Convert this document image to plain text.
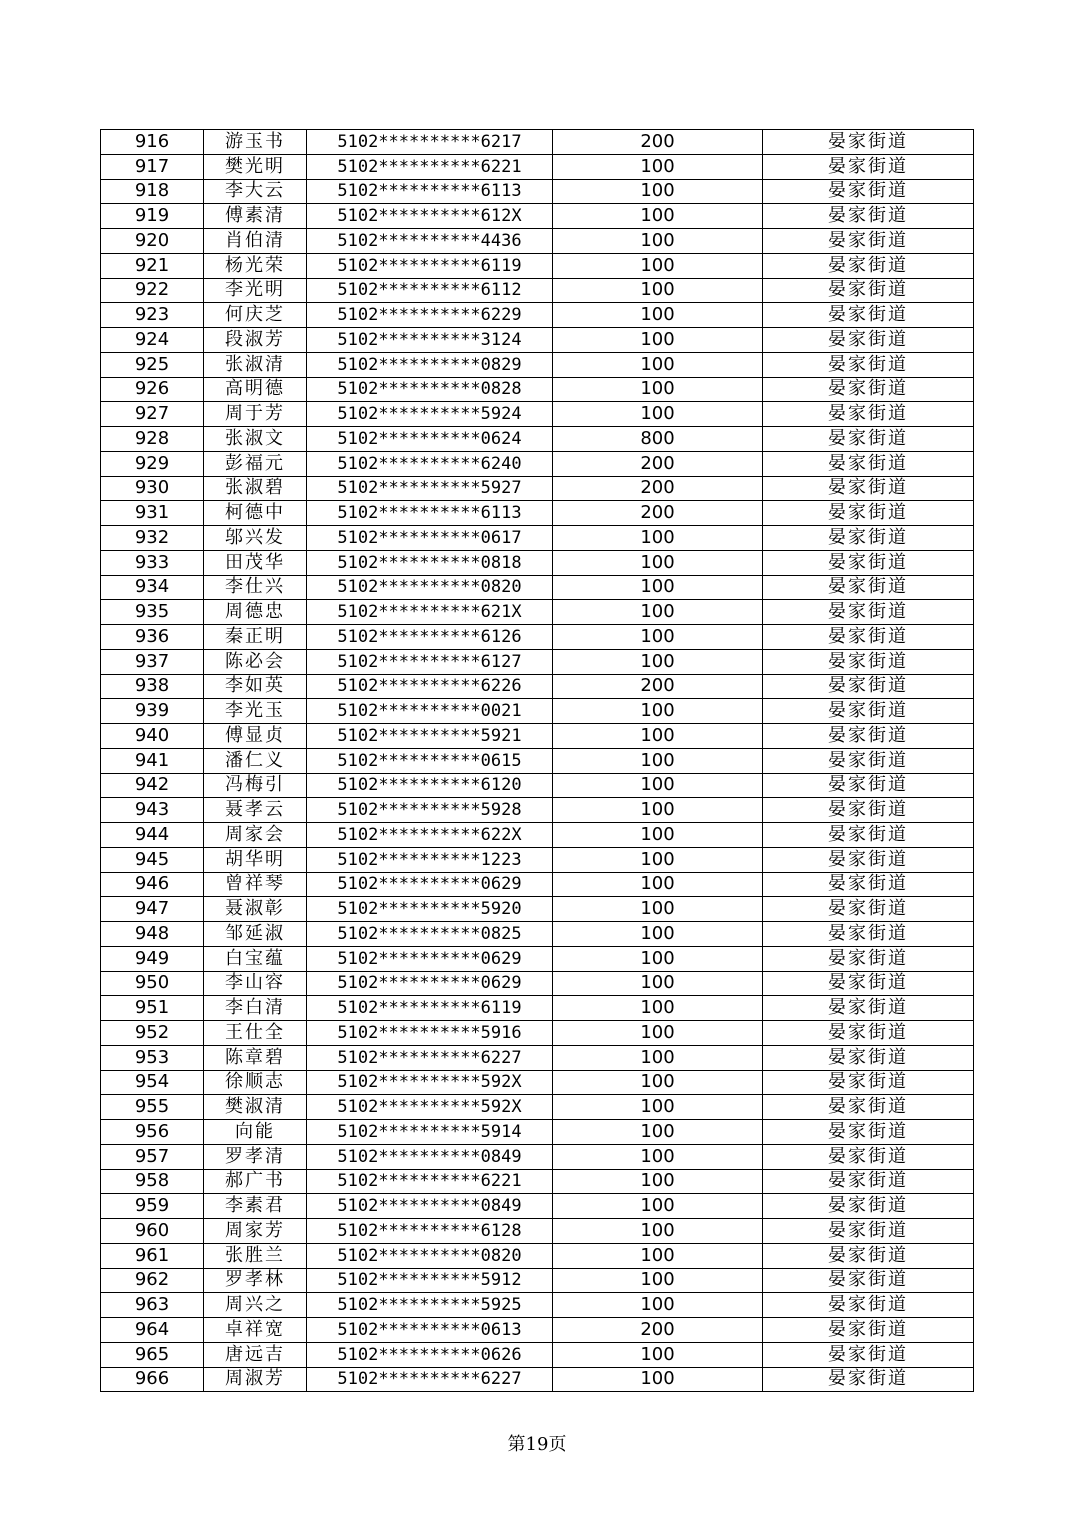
916	游玉书	5102**********6217	200	晏家街道
917	樊光明	5102**********6221	100	晏家街道
918	李大云	5102**********6113	100	晏家街道
919	傅素清	5102**********612X	100	晏家街道
920	肖伯清	5102**********4436	100	晏家街道
921	杨光荣	5102**********6119	100	晏家街道
922	李光明	5102**********6112	100	晏家街道
923	何庆芝	5102**********6229	100	晏家街道
924	段淑芳	5102**********3124	100	晏家街道
925	张淑清	5102**********0829	100	晏家街道
926	高明德	5102**********0828	100	晏家街道
927	周于芳	5102**********5924	100	晏家街道
928	张淑文	5102**********0624	800	晏家街道
929	彭福元	5102**********6240	200	晏家街道
930	张淑碧	5102**********5927	200	晏家街道
931	柯德中	5102**********6113	200	晏家街道
932	邬兴发	5102**********0617	100	晏家街道
933	田茂华	5102**********0818	100	晏家街道
934	李仕兴	5102**********0820	100	晏家街道
935	周德忠	5102**********621X	100	晏家街道
936	秦正明	5102**********6126	100	晏家街道
937	陈必会	5102**********6127	100	晏家街道
938	李如英	5102**********6226	200	晏家街道
939	李光玉	5102**********0021	100	晏家街道
940	傅显贞	5102**********5921	100	晏家街道
941	潘仁义	5102**********0615	100	晏家街道
942	冯梅引	5102**********6120	100	晏家街道
943	聂孝云	5102**********5928	100	晏家街道
944	周家会	5102**********622X	100	晏家街道
945	胡华明	5102**********1223	100	晏家街道
946	曾祥琴	5102**********0629	100	晏家街道
947	聂淑彰	5102**********5920	100	晏家街道
948	邹延淑	5102**********0825	100	晏家街道
949	白宝蕴	5102**********0629	100	晏家街道
950	李山容	5102**********0629	100	晏家街道
951	李白清	5102**********6119	100	晏家街道
952	王仕全	5102**********5916	100	晏家街道
953	陈章碧	5102**********6227	100	晏家街道
954	徐顺志	5102**********592X	100	晏家街道
955	樊淑清	5102**********592X	100	晏家街道
956	向能	5102**********5914	100	晏家街道
957	罗孝清	5102**********0849	100	晏家街道
958	郝广书	5102**********6221	100	晏家街道
959	李素君	5102**********0849	100	晏家街道
960	周家芳	5102**********6128	100	晏家街道
961	张胜兰	5102**********0820	100	晏家街道
962	罗孝林	5102**********5912	100	晏家街道
963	周兴之	5102**********5925	100	晏家街道
964	卓祥宽	5102**********0613	200	晏家街道
965	唐远吉	5102**********0626	100	晏家街道
966	周淑芳	5102**********6227	100	晏家街道
第19页
